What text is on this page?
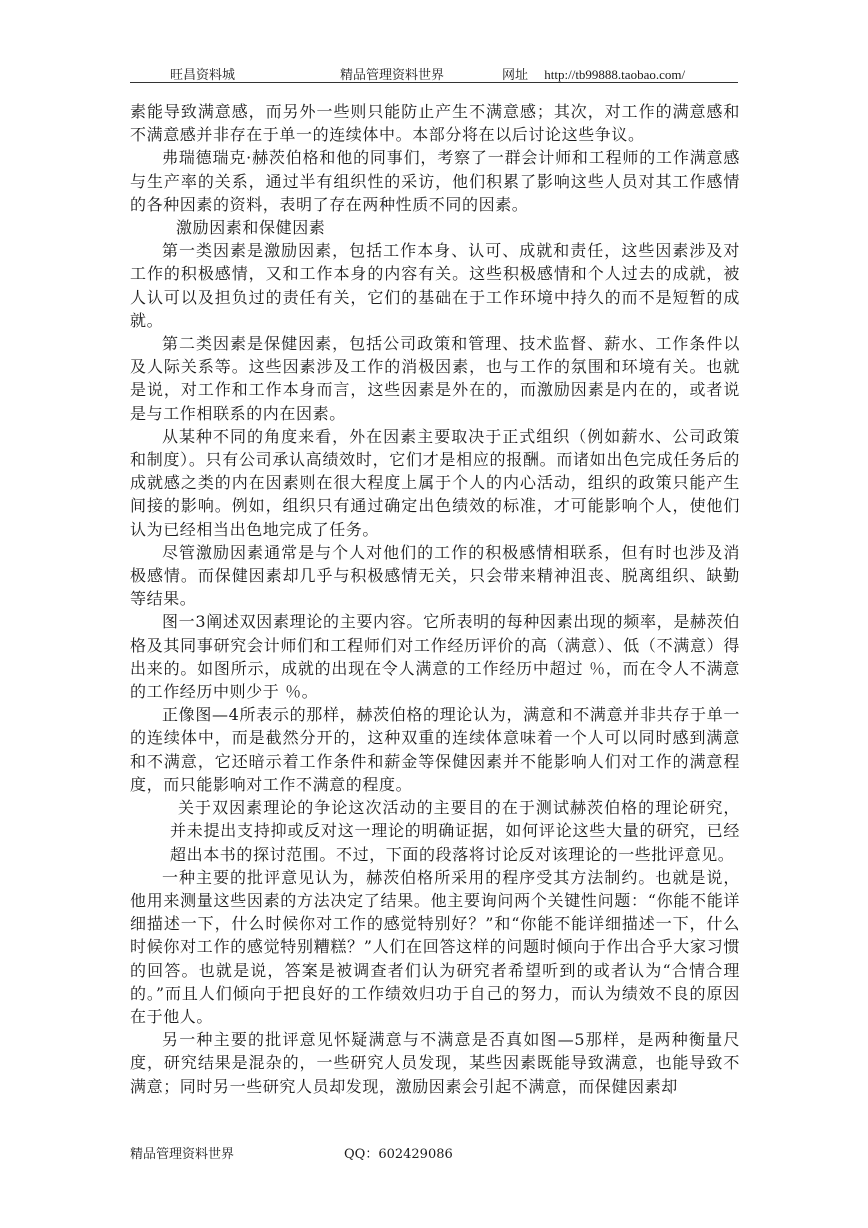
旺昌资料城	精品管理资料世界	网址 http://tb99888.taobao.com/

素能导致满意感，而另外一些则只能防止产生不满意感；其次，对工作的满意感和不满意感并非存在于单一的连续体中。本部分将在以后讨论这些争议。

弗瑞德瑞克·赫茨伯格和他的同事们，考察了一群会计师和工程师的工作满意感与生产率的关系，通过半有组织性的采访，他们积累了影响这些人员对其工作感情的各种因素的资料，表明了存在两种性质不同的因素。

激励因素和保健因素

第一类因素是激励因素，包括工作本身、认可、成就和责任，这些因素涉及对工作的积极感情，又和工作本身的内容有关。这些积极感情和个人过去的成就，被人认可以及担负过的责任有关，它们的基础在于工作环境中持久的而不是短暂的成就。

第二类因素是保健因素，包括公司政策和管理、技术监督、薪水、工作条件以及人际关系等。这些因素涉及工作的消极因素，也与工作的氛围和环境有关。也就是说，对工作和工作本身而言，这些因素是外在的，而激励因素是内在的，或者说是与工作相联系的内在因素。

从某种不同的角度来看，外在因素主要取决于正式组织（例如薪水、公司政策和制度）。只有公司承认高绩效时，它们才是相应的报酬。而诸如出色完成任务后的成就感之类的内在因素则在很大程度上属于个人的内心活动，组织的政策只能产生间接的影响。例如，组织只有通过确定出色绩效的标准，才可能影响个人，使他们认为已经相当出色地完成了任务。

尽管激励因素通常是与个人对他们的工作的积极感情相联系，但有时也涉及消极感情。而保健因素却几乎与积极感情无关，只会带来精神沮丧、脱离组织、缺勤等结果。

图一3阐述双因素理论的主要内容。它所表明的每种因素出现的频率，是赫茨伯格及其同事研究会计师们和工程师们对工作经历评价的高（满意）、低（不满意）得出来的。如图所示，成就的出现在令人满意的工作经历中超过 ％，而在令人不满意的工作经历中则少于 ％。

正像图—4所表示的那样，赫茨伯格的理论认为，满意和不满意并非共存于单一的连续体中，而是截然分开的，这种双重的连续体意味着一个人可以同时感到满意和不满意，它还暗示着工作条件和薪金等保健因素并不能影响人们对工作的满意程度，而只能影响对工作不满意的程度。

关于双因素理论的争论这次活动的主要目的在于测试赫茨伯格的理论研究，并未提出支持抑或反对这一理论的明确证据，如何评论这些大量的研究，已经超出本书的探讨范围。不过，下面的段落将讨论反对该理论的一些批评意见。

一种主要的批评意见认为，赫茨伯格所采用的程序受其方法制约。也就是说，他用来测量这些因素的方法决定了结果。他主要询问两个关键性问题：“你能不能详细描述一下，什么时候你对工作的感觉特别好？”和“你能不能详细描述一下，什么时候你对工作的感觉特别糟糕？”人们在回答这样的问题时倾向于作出合乎大家习惯的回答。也就是说，答案是被调查者们认为研究者希望听到的或者认为“合情合理的。”而且人们倾向于把良好的工作绩效归功于自己的努力，而认为绩效不良的原因在于他人。

另一种主要的批评意见怀疑满意与不满意是否真如图—5那样，是两种衡量尺度，研究结果是混杂的，一些研究人员发现，某些因素既能导致满意，也能导致不满意；同时另一些研究人员却发现，激励因素会引起不满意，而保健因素却

精品管理资料世界	QQ：602429086
